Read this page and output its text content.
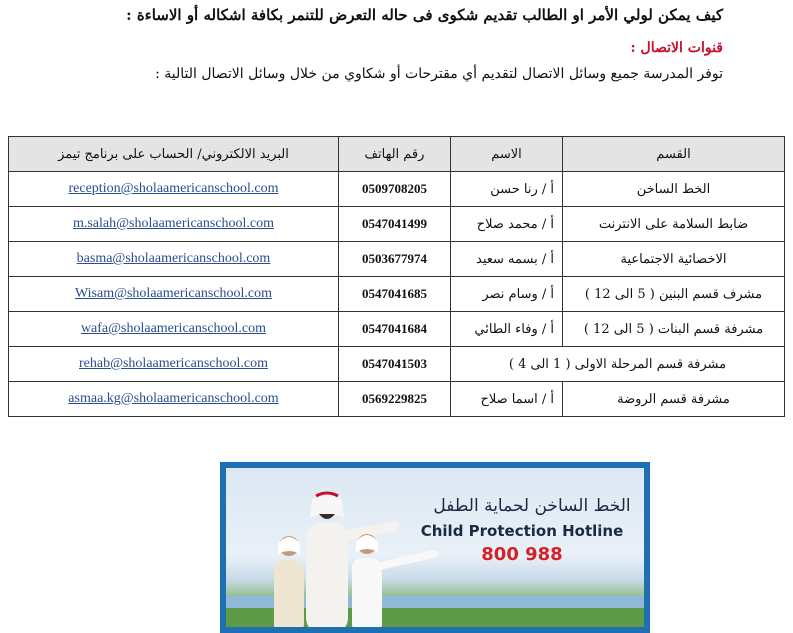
كيف يمكن لولي الأمر او الطالب تقديم شكوى فى حاله التعرض للتنمر بكافة اشكاله أو الاساءة :
قنوات الاتصال :
توفر المدرسة جميع وسائل الاتصال لتقديم أي مقترحات أو شكاوي من خلال وسائل الاتصال التالية :
البريد الالكتروني/ الحساب على برنامج تيمز	رقم الهاتف	الاسم	القسم
reception@sholaamericanschool.com	0509708205	أ / رنا حسن	الخط الساخن
m.salah@sholaamericanschool.com	0547041499	أ / محمد صلاح	ضابط السلامة على الانترنت
basma@sholaamericanschool.com	0503677974	أ / بسمه سعيد	الاخصائية الاجتماعية
Wisam@sholaamericanschool.com	0547041685	أ / وسام نصر	مشرف قسم البنين ( 5 الى 12 )
wafa@sholaamericanschool.com	0547041684	أ / وفاء الطائي	مشرفة قسم البنات ( 5 الى 12 )
rehab@sholaamericanschool.com	0547041503	مشرفة قسم المرحلة الاولى ( 1 الى 4 )	
asmaa.kg@sholaamericanschool.com	0569229825	أ / اسما صلاح	مشرفة قسم الروضة
الخط الساخن لحماية الطفل
Child Protection Hotline
800 988
